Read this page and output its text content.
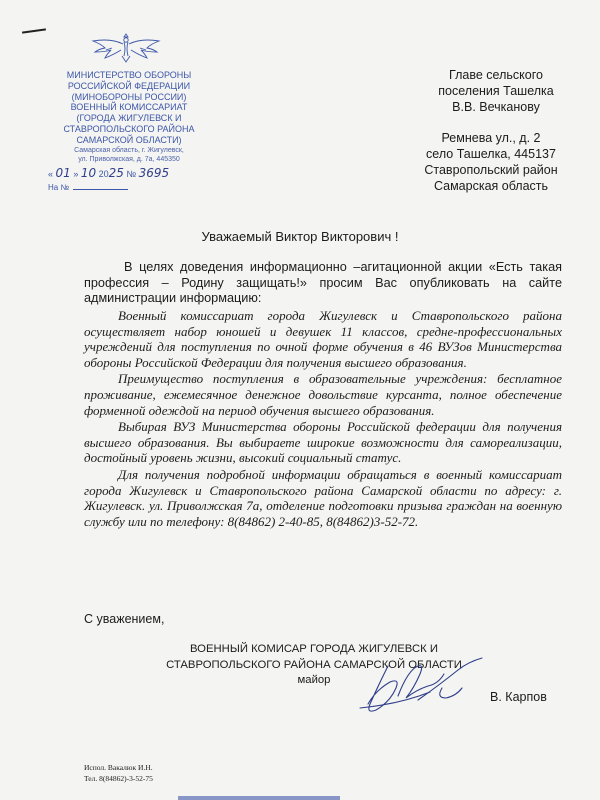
МИНИСТЕРСТВО ОБОРОНЫ
РОССИЙСКОЙ ФЕДЕРАЦИИ
(МИНОБОРОНЫ РОССИИ)
ВОЕННЫЙ КОМИССАРИАТ
(ГОРОДА ЖИГУЛЕВСК И
СТАВРОПОЛЬСКОГО РАЙОНА
САМАРСКОЙ ОБЛАСТИ)
Самарская область, г. Жигулевск,
ул. Приволжская, д. 7а, 445350
« 01 » 10 2025 № 3695
На №
Главе сельского
поселения Ташелка
В.В. Вечканову
Ремнева ул., д. 2
село Ташелка, 445137
Ставропольский район
Самарская область
Уважаемый Виктор Викторович !
В целях доведения информационно –агитационной акции «Есть такая профессия – Родину защищать!» просим Вас опубликовать на сайте администрации информацию:

Военный комиссариат города Жигулевск и Ставропольского района осуществляет набор юношей и девушек 11 классов, средне-профессиональных учреждений для поступления по очной форме обучения в 46 ВУЗов Министерства обороны Российской Федерации для получения высшего образования.

Преимущество поступления в образовательные учреждения: бесплатное проживание, ежемесячное денежное довольствие курсанта, полное обеспечение форменной одеждой на период обучения высшего образования.

Выбирая ВУЗ Министерства обороны Российской федерации для получения высшего образования. Вы выбираете широкие возможности для самореализации, достойный уровень жизни, высокий социальный статус.

Для получения подробной информации обращаться в военный комиссариат города Жигулевск и Ставропольского района Самарской области по адресу: г. Жигулевск. ул. Приволжская 7а, отделение подготовки призыва граждан на военную службу или по телефону: 8(84862) 2-40-85, 8(84862)3-52-72.

С уважением,
ВОЕННЫЙ КОМИСАР ГОРОДА ЖИГУЛЕВСК И
СТАВРОПОЛЬСКОГО РАЙОНА САМАРСКОЙ ОБЛАСТИ
майор
В. Карпов
Испол. Вакалюк И.Н.
Тел. 8(84862)-3-52-75
